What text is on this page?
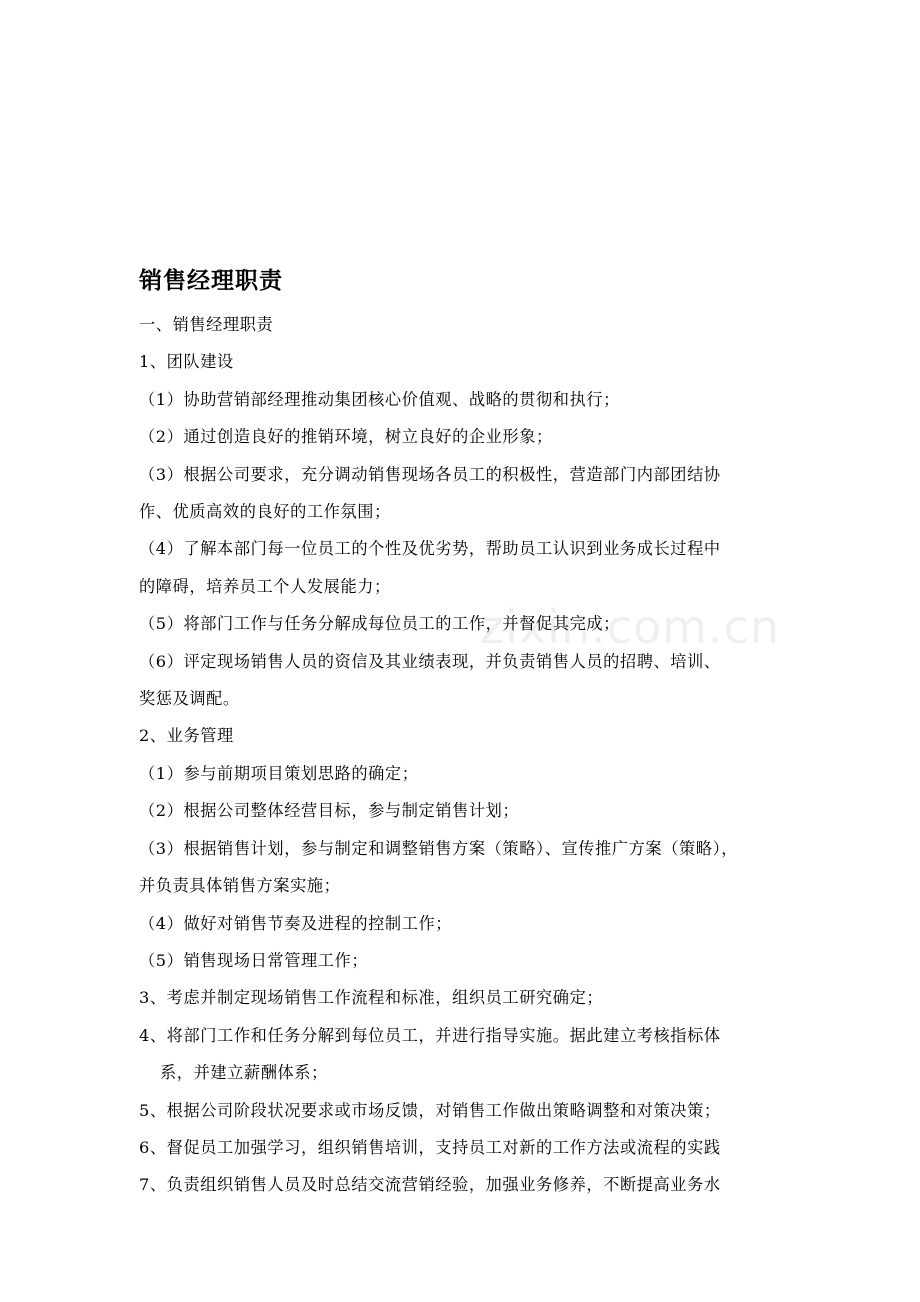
zixin.com.cn
销售经理职责

一、销售经理职责

1、团队建设

（1）协助营销部经理推动集团核心价值观、战略的贯彻和执行；

（2）通过创造良好的推销环境，树立良好的企业形象；

（3）根据公司要求，充分调动销售现场各员工的积极性，营造部门内部团结协

作、优质高效的良好的工作氛围；

（4）了解本部门每一位员工的个性及优劣势，帮助员工认识到业务成长过程中

的障碍，培养员工个人发展能力；

（5）将部门工作与任务分解成每位员工的工作，并督促其完成；

（6）评定现场销售人员的资信及其业绩表现，并负责销售人员的招聘、培训、

奖惩及调配。

2、业务管理

（1）参与前期项目策划思路的确定；

（2）根据公司整体经营目标，参与制定销售计划；

（3）根据销售计划，参与制定和调整销售方案（策略）、宣传推广方案（策略），

并负责具体销售方案实施；

（4）做好对销售节奏及进程的控制工作；

（5）销售现场日常管理工作；

3、考虑并制定现场销售工作流程和标准，组织员工研究确定；

4、将部门工作和任务分解到每位员工，并进行指导实施。据此建立考核指标体

系，并建立薪酬体系；

5、根据公司阶段状况要求或市场反馈，对销售工作做出策略调整和对策决策；

6、督促员工加强学习，组织销售培训，支持员工对新的工作方法或流程的实践

7、负责组织销售人员及时总结交流营销经验，加强业务修养，不断提高业务水
